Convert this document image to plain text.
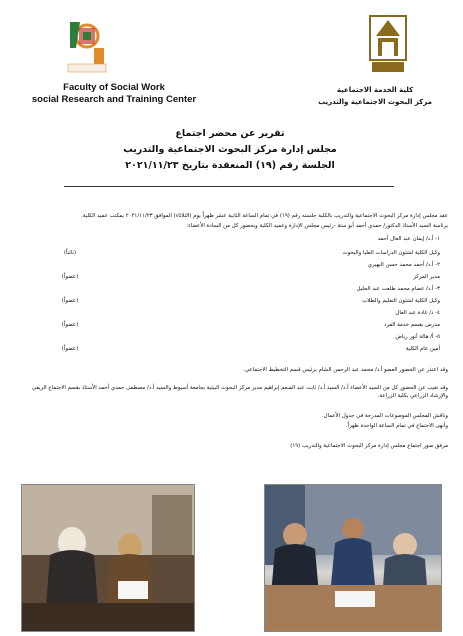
Faculty of Social Work
social Research and Training Center
كلية الخدمة الاجتماعية
مركز البحوث الاجتماعية والتدريب
تقرير عن محضر اجتماع
مجلس إدارة مركز البحوث الاجتماعية والتدريب
الجلسة رقم (١٩) المنعقدة بتاريخ ٢٠٢١/١١/٢٣
عقد مجلس إدارة مركز البحوث الاجتماعية والتدريب بالكلية جلسته رقم (١٩) في تمام الساعة الثانية عشر ظهراً يوم (الثلاثاء) الموافق ٢٠٢١/١١/٢٣ بمكتب عميد الكلية.
برئاسة السيد الأستاذ الدكتور/ حمدي أحمد أبو ستة -رئيس مجلس الإدارة وعميد الكلية وبحضور كل من السادة الأعضاء:
١- أ.د/ إيمان عبد العال أحمد
وكيل الكلية لشئون الدراسات العليا والبحوث
(نائباً)
٢- أ.د/ أحمد محمد حسن البهيري
مدير المركز
(عضواً)
٣- أ.د/ عصام محمد طلعت عبد الجليل
وكيل الكلية لشئون التعليم والطلاب
(عضواً)
٤- د/ غادة عبد العال
مدرس بقسم خدمة الفرد
(عضواً)
٥- أ/ هالة أنور رياض
أمين عام الكلية
(عضواً)
وقد اعتذر عن الحضور العضو أ.د/ محمد عبد الرحمن الشام برئيس قسم التخطيط الاجتماعي.
وقد تغيب عن الحضور كل من السيد الأعضاء أ.د/ السيد أ.د/ ثابت عبد المنعم إبراهيم مدير مركز البحوث البيئية بجامعة أسيوط والسيد أ.د/ مصطفى حمدي أحمد الأستاذ بقسم الاجتماع الريفي والإرشاد الزراعي بكلية الزراعة.
وناقش المجلس الموضوعات المدرجة في جدول الأعمال.
وأنهى الاجتماع في تمام الساعة الواحدة ظهراً.
مرفق صور اجتماع مجلس إدارة مركز البحوث الاجتماعية والتدريب (١٩)
